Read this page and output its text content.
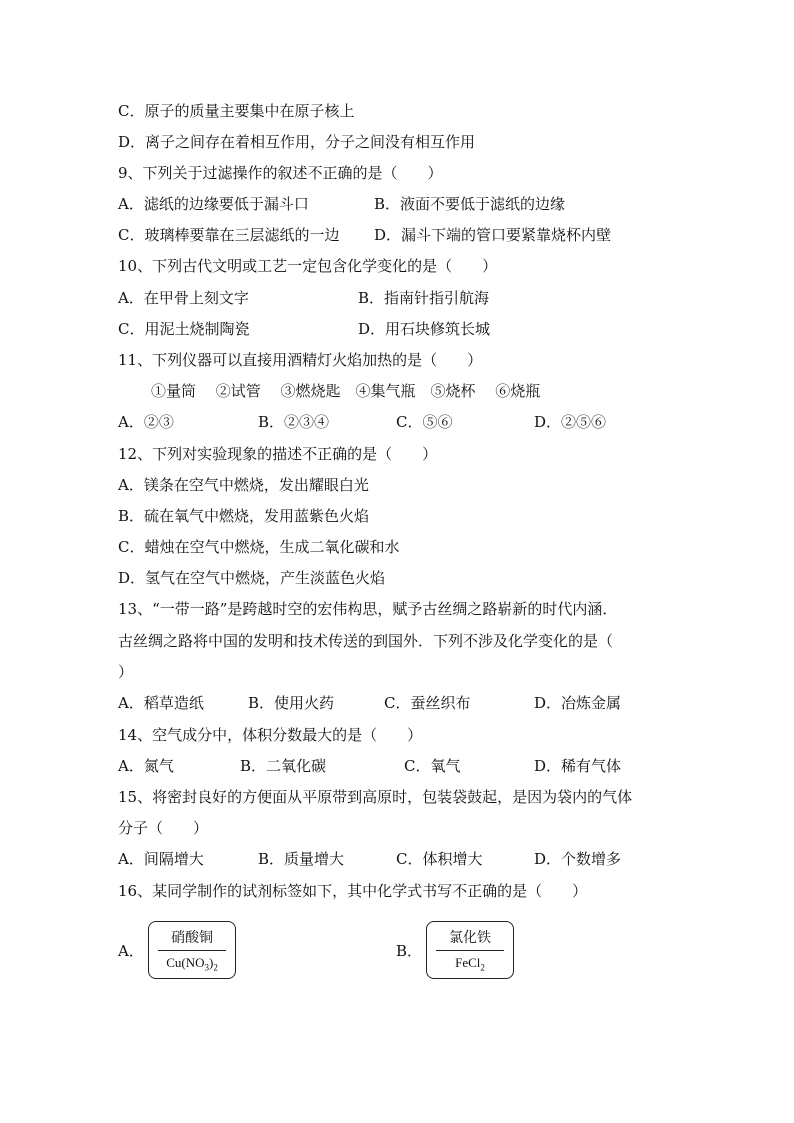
C．原子的质量主要集中在原子核上
D．离子之间存在着相互作用，分子之间没有相互作用
9、下列关于过滤操作的叙述不正确的是（　　）
A．滤纸的边缘要低于漏斗口	B．液面不要低于滤纸的边缘
C．玻璃棒要靠在三层滤纸的一边 D．漏斗下端的管口要紧靠烧杯内壁
10、下列古代文明或工艺一定包含化学变化的是（　　）
A．在甲骨上刻文字	B．指南针指引航海
C．用泥土烧制陶瓷	D．用石块修筑长城
11、下列仪器可以直接用酒精灯火焰加热的是（　　）
①量筒　 ②试管　 ③燃烧匙　④集气瓶　⑤烧杯　 ⑥烧瓶
A．②③	B．②③④	C．⑤⑥	D．②⑤⑥
12、下列对实验现象的描述不正确的是（　　）
A．镁条在空气中燃烧，发出耀眼白光
B．硫在氧气中燃烧，发用蓝紫色火焰
C．蜡烛在空气中燃烧，生成二氧化碳和水
D．氢气在空气中燃烧，产生淡蓝色火焰
13、“一带一路”是跨越时空的宏伟构思，赋予古丝绸之路崭新的时代内涵．
古丝绸之路将中国的发明和技术传送的到国外．下列不涉及化学变化的是（
）
A．稻草造纸	B．使用火药	C．蚕丝织布	D．冶炼金属
14、空气成分中，体积分数最大的是（　　）
A．氮气	B．二氧化碳	C．氧气	D．稀有气体
15、将密封良好的方便面从平原带到高原时，包装袋鼓起，是因为袋内的气体
分子（　　）
A．间隔增大	B．质量增大	C．体积增大	D．个数增多
16、某同学制作的试剂标签如下，其中化学式书写不正确的是（　　）
A．
硝酸铜
$Cu(NO_3)_2$
B．
氯化铁
FeCl$_2$
